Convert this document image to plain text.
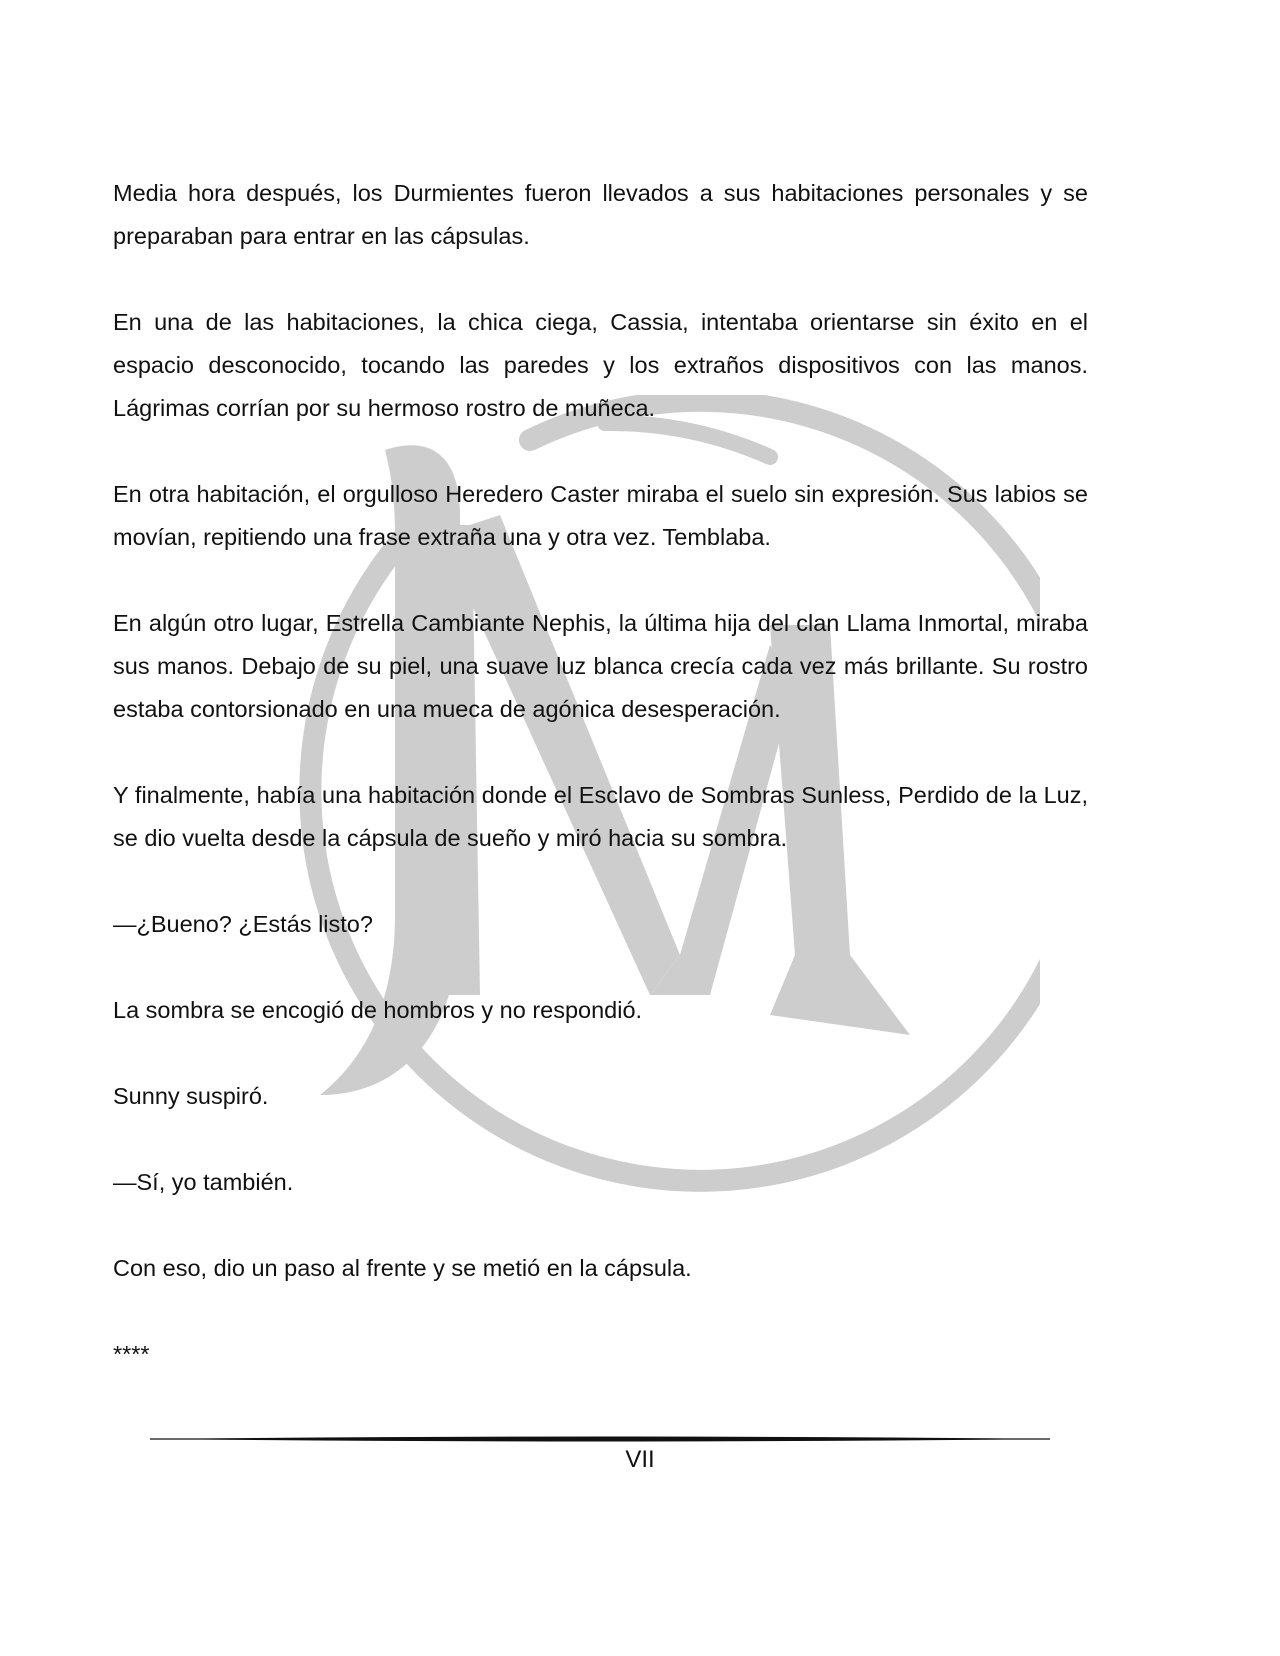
Media hora después, los Durmientes fueron llevados a sus habitaciones personales y se preparaban para entrar en las cápsulas.

En una de las habitaciones, la chica ciega, Cassia, intentaba orientarse sin éxito en el espacio desconocido, tocando las paredes y los extraños dispositivos con las manos. Lágrimas corrían por su hermoso rostro de muñeca.

En otra habitación, el orgulloso Heredero Caster miraba el suelo sin expresión. Sus labios se movían, repitiendo una frase extraña una y otra vez. Temblaba.

En algún otro lugar, Estrella Cambiante Nephis, la última hija del clan Llama Inmortal, miraba sus manos. Debajo de su piel, una suave luz blanca crecía cada vez más brillante. Su rostro estaba contorsionado en una mueca de agónica desesperación.

Y finalmente, había una habitación donde el Esclavo de Sombras Sunless, Perdido de la Luz, se dio vuelta desde la cápsula de sueño y miró hacia su sombra.

—¿Bueno? ¿Estás listo?

La sombra se encogió de hombros y no respondió.

Sunny suspiró.

—Sí, yo también.

Con eso, dio un paso al frente y se metió en la cápsula.

****

VII
